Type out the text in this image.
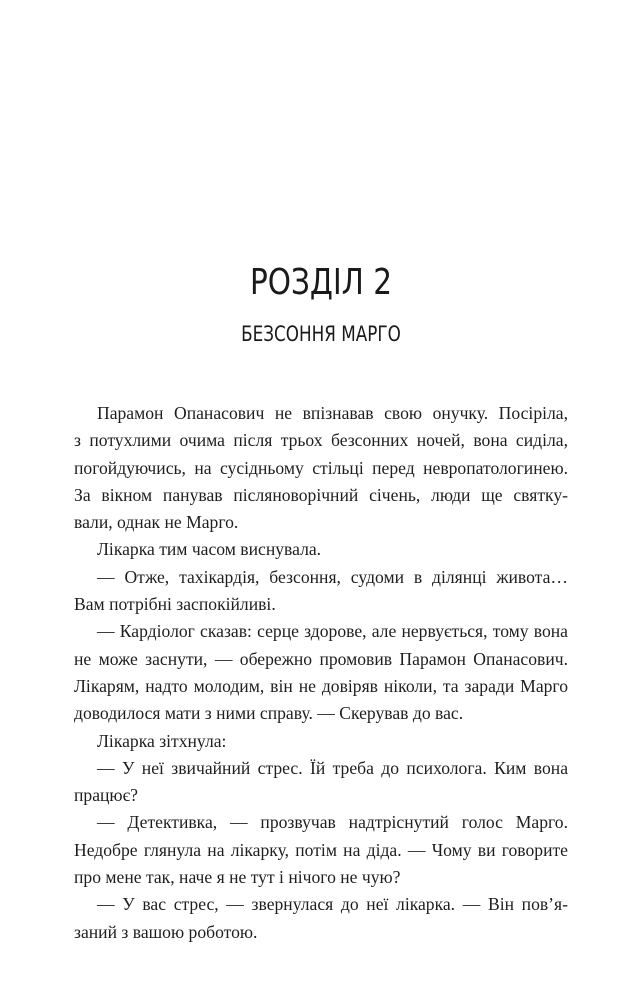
РОЗДІЛ 2
БЕЗСОННЯ МАРГО

Парамон Опанасович не впізнавав свою онучку. Посіріла,

з потухлими очима після трьох безсонних ночей, вона сиділа,

погойдуючись, на сусідньому стільці перед невропатологинею.

За вікном панував післяноворічний січень, люди ще святку-

вали, однак не Марго.

Лікарка тим часом виснувала.

— Отже, тахікардія, безсоння, судоми в ділянці живота…

Вам потрібні заспокійливі.

— Кардіолог сказав: серце здорове, але нервується, тому вона

не може заснути, — обережно промовив Парамон Опанасович.

Лікарям, надто молодим, він не довіряв ніколи, та заради Марго

доводилося мати з ними справу. — Скерував до вас.

Лікарка зітхнула:

— У неї звичайний стрес. Їй треба до психолога. Ким вона

працює?

— Детективка, — прозвучав надтріснутий голос Марго.

Недобре глянула на лікарку, потім на діда. — Чому ви говорите

про мене так, наче я не тут і нічого не чую?

— У вас стрес, — звернулася до неї лікарка. — Він пов’я-

заний з вашою роботою.
